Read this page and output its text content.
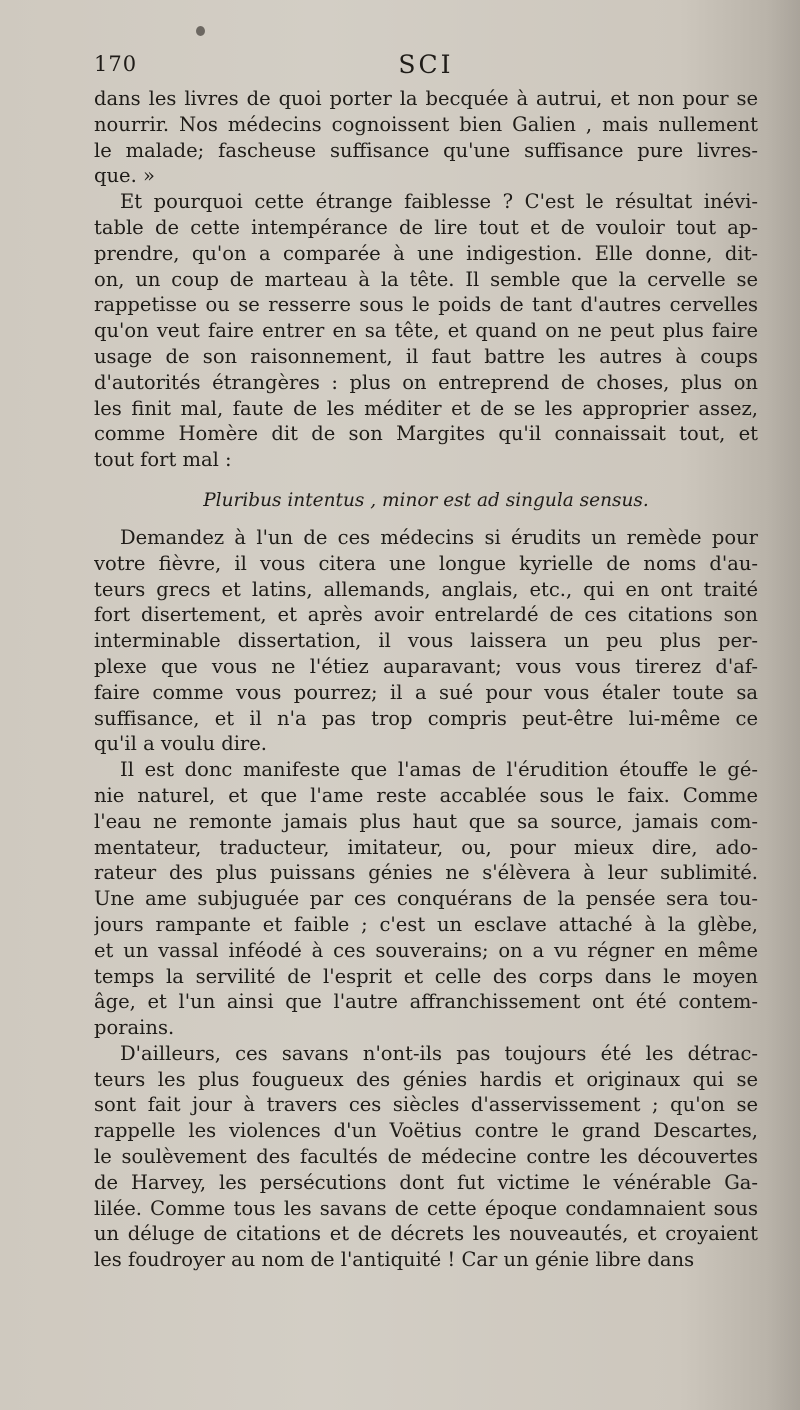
170	SCI
dans les livres de quoi porter la becquée à autrui, et non pour se
nourrir. Nos médecins cognoissent bien Galien , mais nullement
le malade; fascheuse suffisance qu'une suffisance pure livres-
que. »
Et pourquoi cette étrange faiblesse ? C'est le résultat inévi-
table de cette intempérance de lire tout et de vouloir tout ap-
prendre, qu'on a comparée à une indigestion. Elle donne, dit-
on, un coup de marteau à la tête. Il semble que la cervelle se
rappetisse ou se resserre sous le poids de tant d'autres cervelles
qu'on veut faire entrer en sa tête, et quand on ne peut plus faire
usage de son raisonnement, il faut battre les autres à coups
d'autorités étrangères : plus on entreprend de choses, plus on
les finit mal, faute de les méditer et de se les approprier assez,
comme Homère dit de son Margites qu'il connaissait tout, et
tout fort mal :
Pluribus intentus , minor est ad singula sensus.
Demandez à l'un de ces médecins si érudits un remède pour
votre fièvre, il vous citera une longue kyrielle de noms d'au-
teurs grecs et latins, allemands, anglais, etc., qui en ont traité
fort disertement, et après avoir entrelardé de ces citations son
interminable dissertation, il vous laissera un peu plus per-
plexe que vous ne l'étiez auparavant; vous vous tirerez d'af-
faire comme vous pourrez; il a sué pour vous étaler toute sa
suffisance, et il n'a pas trop compris peut-être lui-même ce
qu'il a voulu dire.
Il est donc manifeste que l'amas de l'érudition étouffe le gé-
nie naturel, et que l'ame reste accablée sous le faix. Comme
l'eau ne remonte jamais plus haut que sa source, jamais com-
mentateur, traducteur, imitateur, ou, pour mieux dire, ado-
rateur des plus puissans génies ne s'élèvera à leur sublimité.
Une ame subjuguée par ces conquérans de la pensée sera tou-
jours rampante et faible ; c'est un esclave attaché à la glèbe,
et un vassal inféodé à ces souverains; on a vu régner en même
temps la servilité de l'esprit et celle des corps dans le moyen
âge, et l'un ainsi que l'autre affranchissement ont été contem-
porains.
D'ailleurs, ces savans n'ont-ils pas toujours été les détrac-
teurs les plus fougueux des génies hardis et originaux qui se
sont fait jour à travers ces siècles d'asservissement ; qu'on se
rappelle les violences d'un Voëtius contre le grand Descartes,
le soulèvement des facultés de médecine contre les découvertes
de Harvey, les persécutions dont fut victime le vénérable Ga-
lilée. Comme tous les savans de cette époque condamnaient sous
un déluge de citations et de décrets les nouveautés, et croyaient
les foudroyer au nom de l'antiquité ! Car un génie libre dans
